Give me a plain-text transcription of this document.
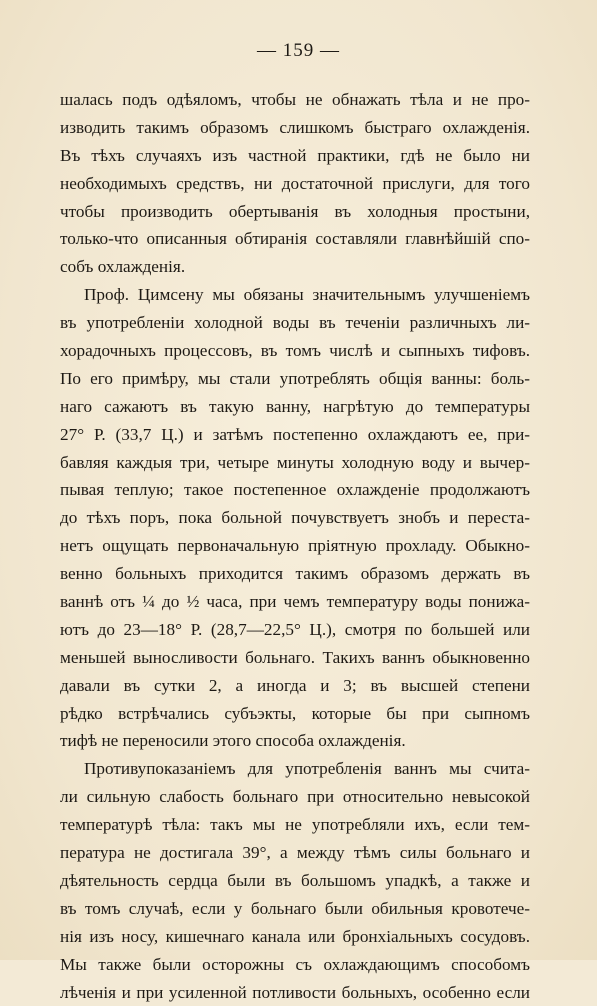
— 159 —
шалась подъ одѣяломъ, чтобы не обнажать тѣла и не про-
изводить такимъ образомъ слишкомъ быстраго охлажденія.
Въ тѣхъ случаяхъ изъ частной практики, гдѣ не было ни
необходимыхъ средствъ, ни достаточной прислуги, для того
чтобы производить обертыванія въ холодныя простыни,
только-что описанныя обтиранія составляли главнѣйшій спо-
собъ охлажденія.
Проф. Цимсену мы обязаны значительнымъ улучшеніемъ
въ употребленіи холодной воды въ теченіи различныхъ ли-
хорадочныхъ процессовъ, въ томъ числѣ и сыпныхъ тифовъ.
По его примѣру, мы стали употреблять общія ванны: боль-
наго сажаютъ въ такую ванну, нагрѣтую до температуры
27° Р. (33,7 Ц.) и затѣмъ постепенно охлаждаютъ ее, при-
бавляя каждыя три, четыре минуты холодную воду и вычер-
пывая теплую; такое постепенное охлажденіе продолжаютъ
до тѣхъ поръ, пока больной почувствуетъ знобъ и переста-
нетъ ощущать первоначальную пріятную прохладу. Обыкно-
венно больныхъ приходится такимъ образомъ держать въ
ваннѣ отъ ¼ до ½ часа, при чемъ температуру воды понижа-
ютъ до 23—18° Р. (28,7—22,5° Ц.), смотря по большей или
меньшей выносливости больнаго. Такихъ ваннъ обыкновенно
давали въ сутки 2, а иногда и 3; въ высшей степени
рѣдко встрѣчались субъэкты, которые бы при сыпномъ
тифѣ не переносили этого способа охлажденія.
Противупоказаніемъ для употребленія ваннъ мы счита-
ли сильную слабость больнаго при относительно невысокой
температурѣ тѣла: такъ мы не употребляли ихъ, если тем-
пература не достигала 39°, а между тѣмъ силы больнаго и
дѣятельность сердца были въ большомъ упадкѣ, а также и
въ томъ случаѣ, если у больнаго были обильныя кровотече-
нія изъ носу, кишечнаго канала или бронхіальныхъ сосудовъ.
Мы также были осторожны съ охлаждающимъ способомъ
лѣченія и при усиленной потливости больныхъ, особенно если
